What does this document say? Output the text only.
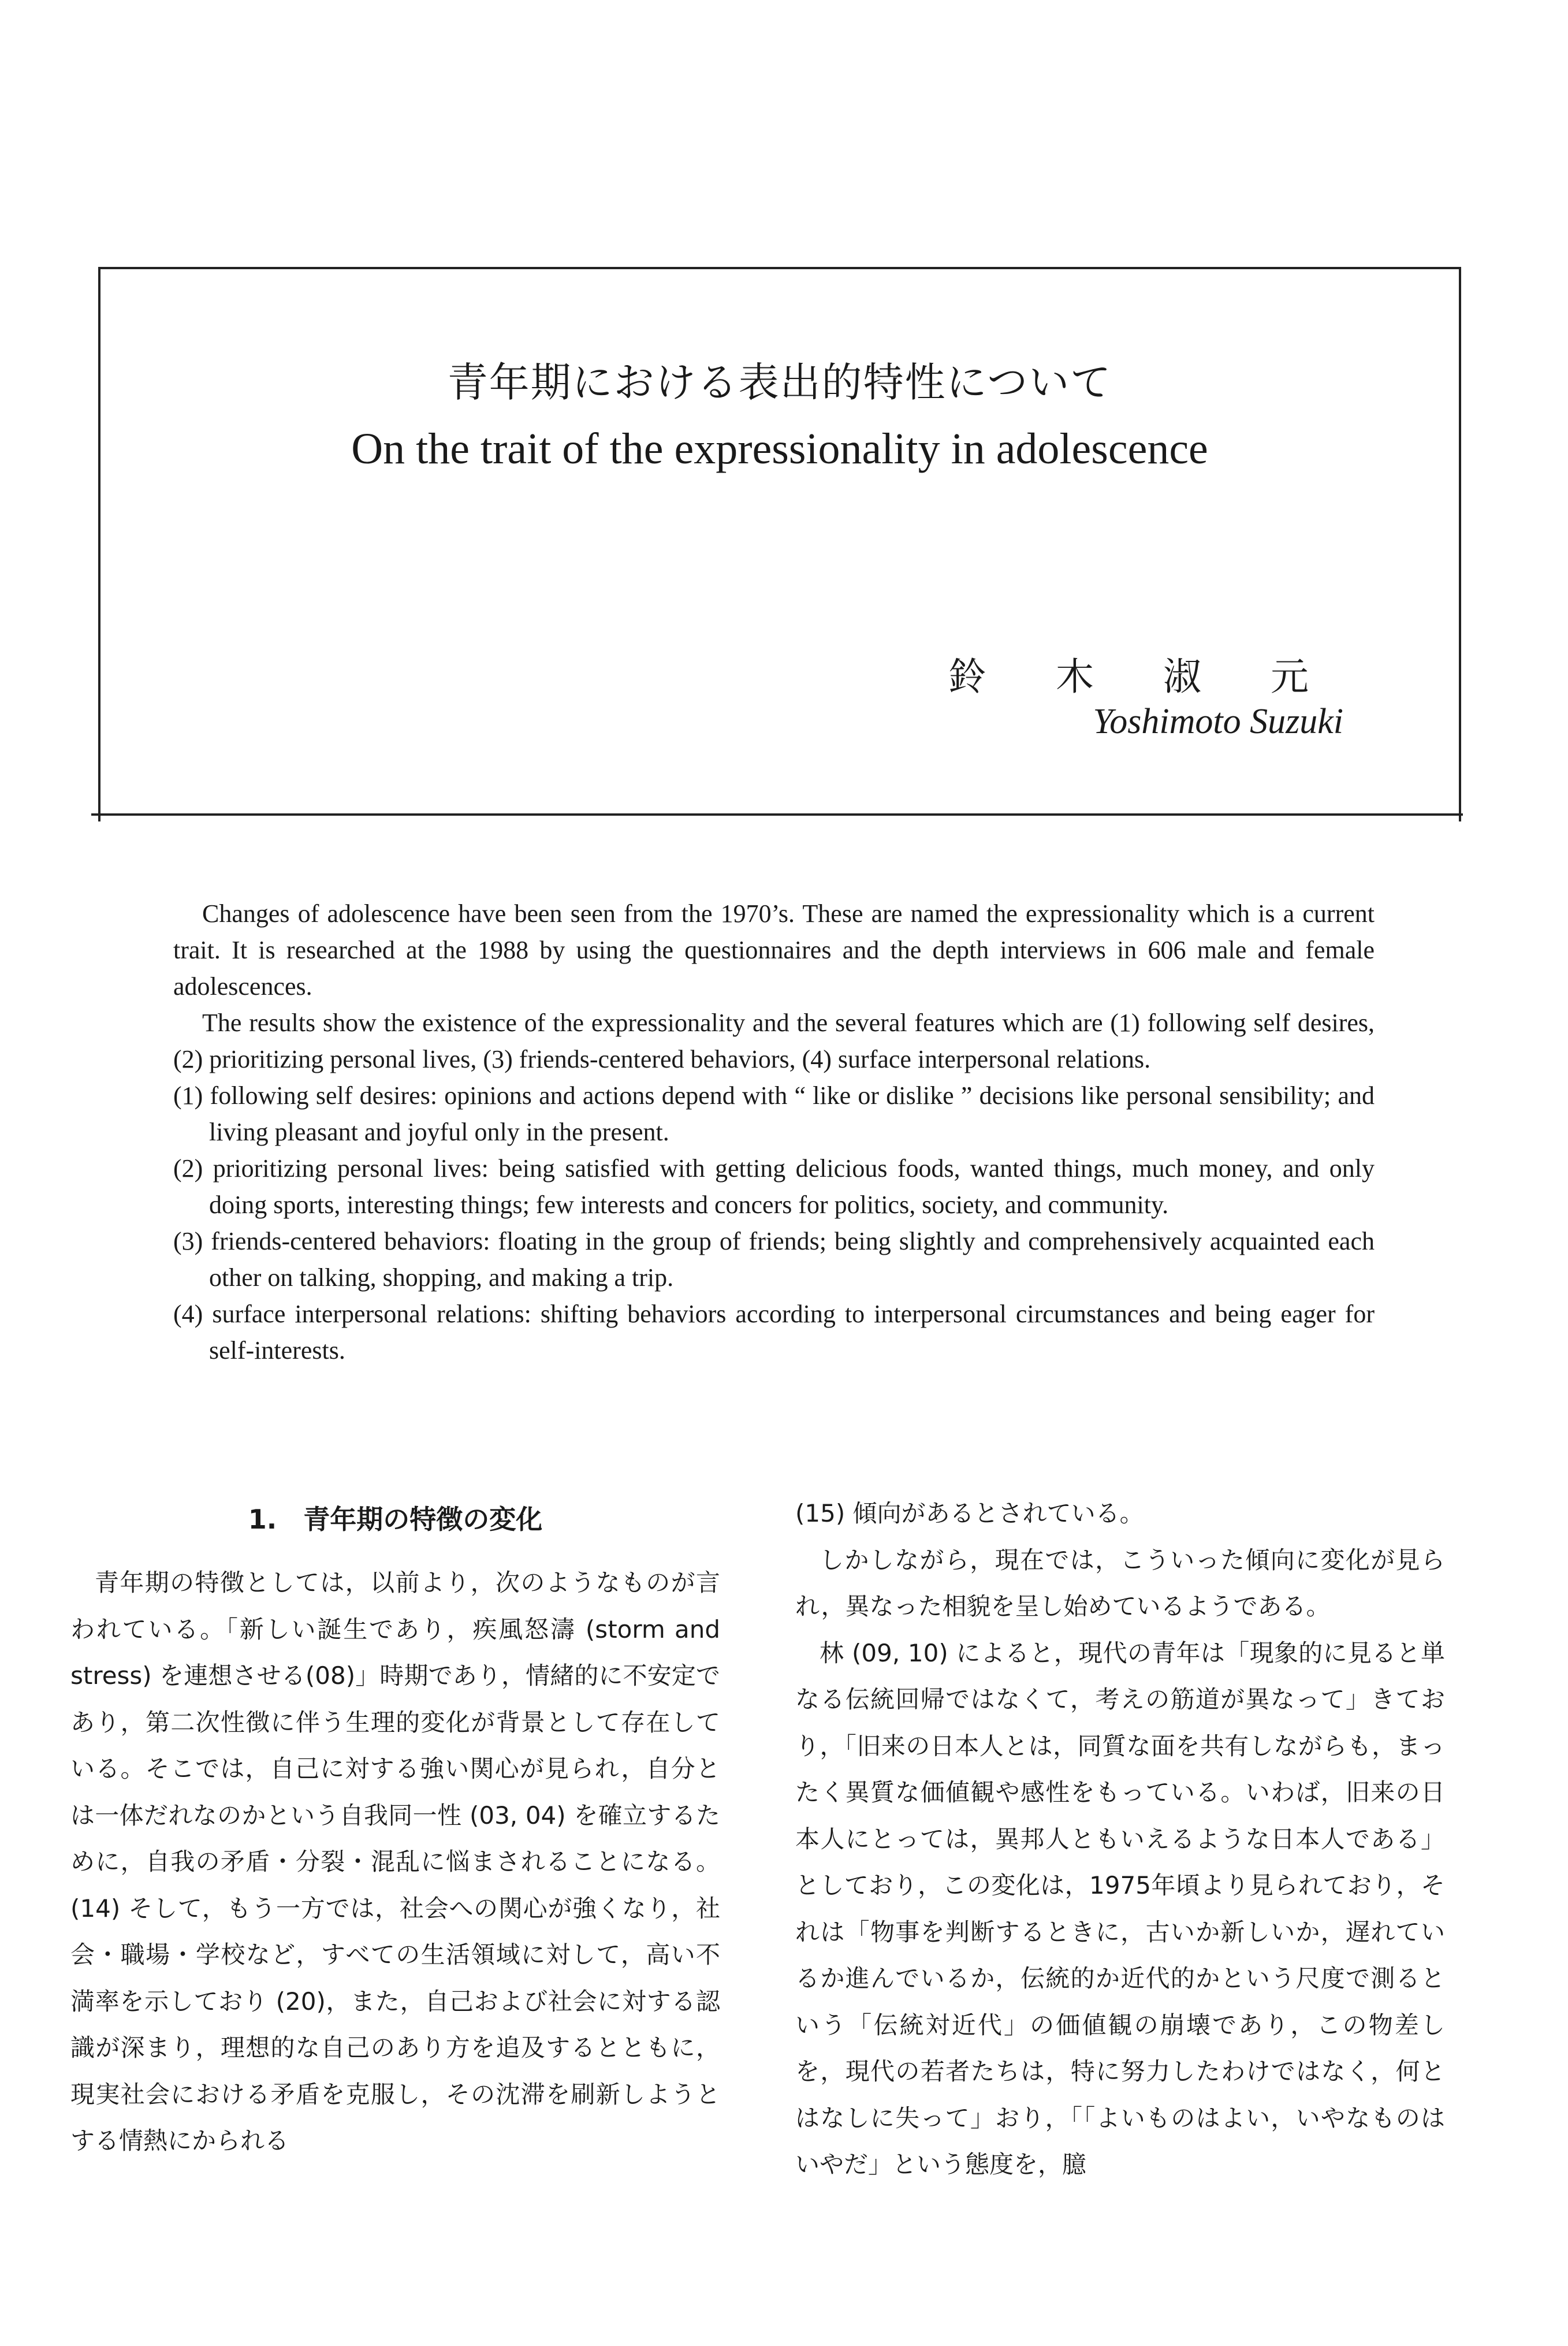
青年期における表出的特性について
On the trait of the expressionality in adolescence
鈴木淑元
Yoshimoto Suzuki

Changes of adolescence have been seen from the 1970’s. These are named the expressionality which is a current trait. It is researched at the 1988 by using the questionnaires and the depth interviews in 606 male and female adolescences.

The results show the existence of the expressionality and the several features which are (1) following self desires, (2) prioritizing personal lives, (3) friends-centered behaviors, (4) surface interpersonal relations.

(1) following self desires: opinions and actions depend with “ like or dislike ” decisions like personal sensibility; and living pleasant and joyful only in the present.

(2) prioritizing personal lives: being satisfied with getting delicious foods, wanted things, much money, and only doing sports, interesting things; few interests and concers for politics, society, and community.

(3) friends-centered behaviors: floating in the group of friends; being slightly and comprehensively acquainted each other on talking, shopping, and making a trip.

(4) surface interpersonal relations: shifting behaviors according to interpersonal circumstances and being eager for self-interests.

1. 青年期の特徴の変化

青年期の特徴としては，以前より，次のようなものが言われている。「新しい誕生であり，疾風怒濤 (storm and stress) を連想させる(08)」時期であり，情緒的に不安定であり，第二次性徴に伴う生理的変化が背景として存在している。そこでは，自己に対する強い関心が見られ，自分とは一体だれなのかという自我同一性 (03, 04) を確立するために，自我の矛盾・分裂・混乱に悩まされることになる。(14) そして，もう一方では，社会への関心が強くなり，社会・職場・学校など，すべての生活領域に対して，高い不満率を示しており (20)，また，自己および社会に対する認識が深まり，理想的な自己のあり方を追及するとともに，現実社会における矛盾を克服し，その沈滞を刷新しようとする情熱にかられる

(15) 傾向があるとされている。

しかしながら，現在では，こういった傾向に変化が見られ，異なった相貌を呈し始めているようである。

林 (09, 10) によると，現代の青年は「現象的に見ると単なる伝統回帰ではなくて，考えの筋道が異なって」きており，「旧来の日本人とは，同質な面を共有しながらも，まったく異質な価値観や感性をもっている。いわば，旧来の日本人にとっては，異邦人ともいえるような日本人である」としており，この変化は，1975年頃より見られており，それは「物事を判断するときに，古いか新しいか，遅れているか進んでいるか，伝統的か近代的かという尺度で測るという「伝統対近代」の価値観の崩壊であり，この物差しを，現代の若者たちは，特に努力したわけではなく，何とはなしに失って」おり，「「よいものはよい，いやなものはいやだ」という態度を，臆
